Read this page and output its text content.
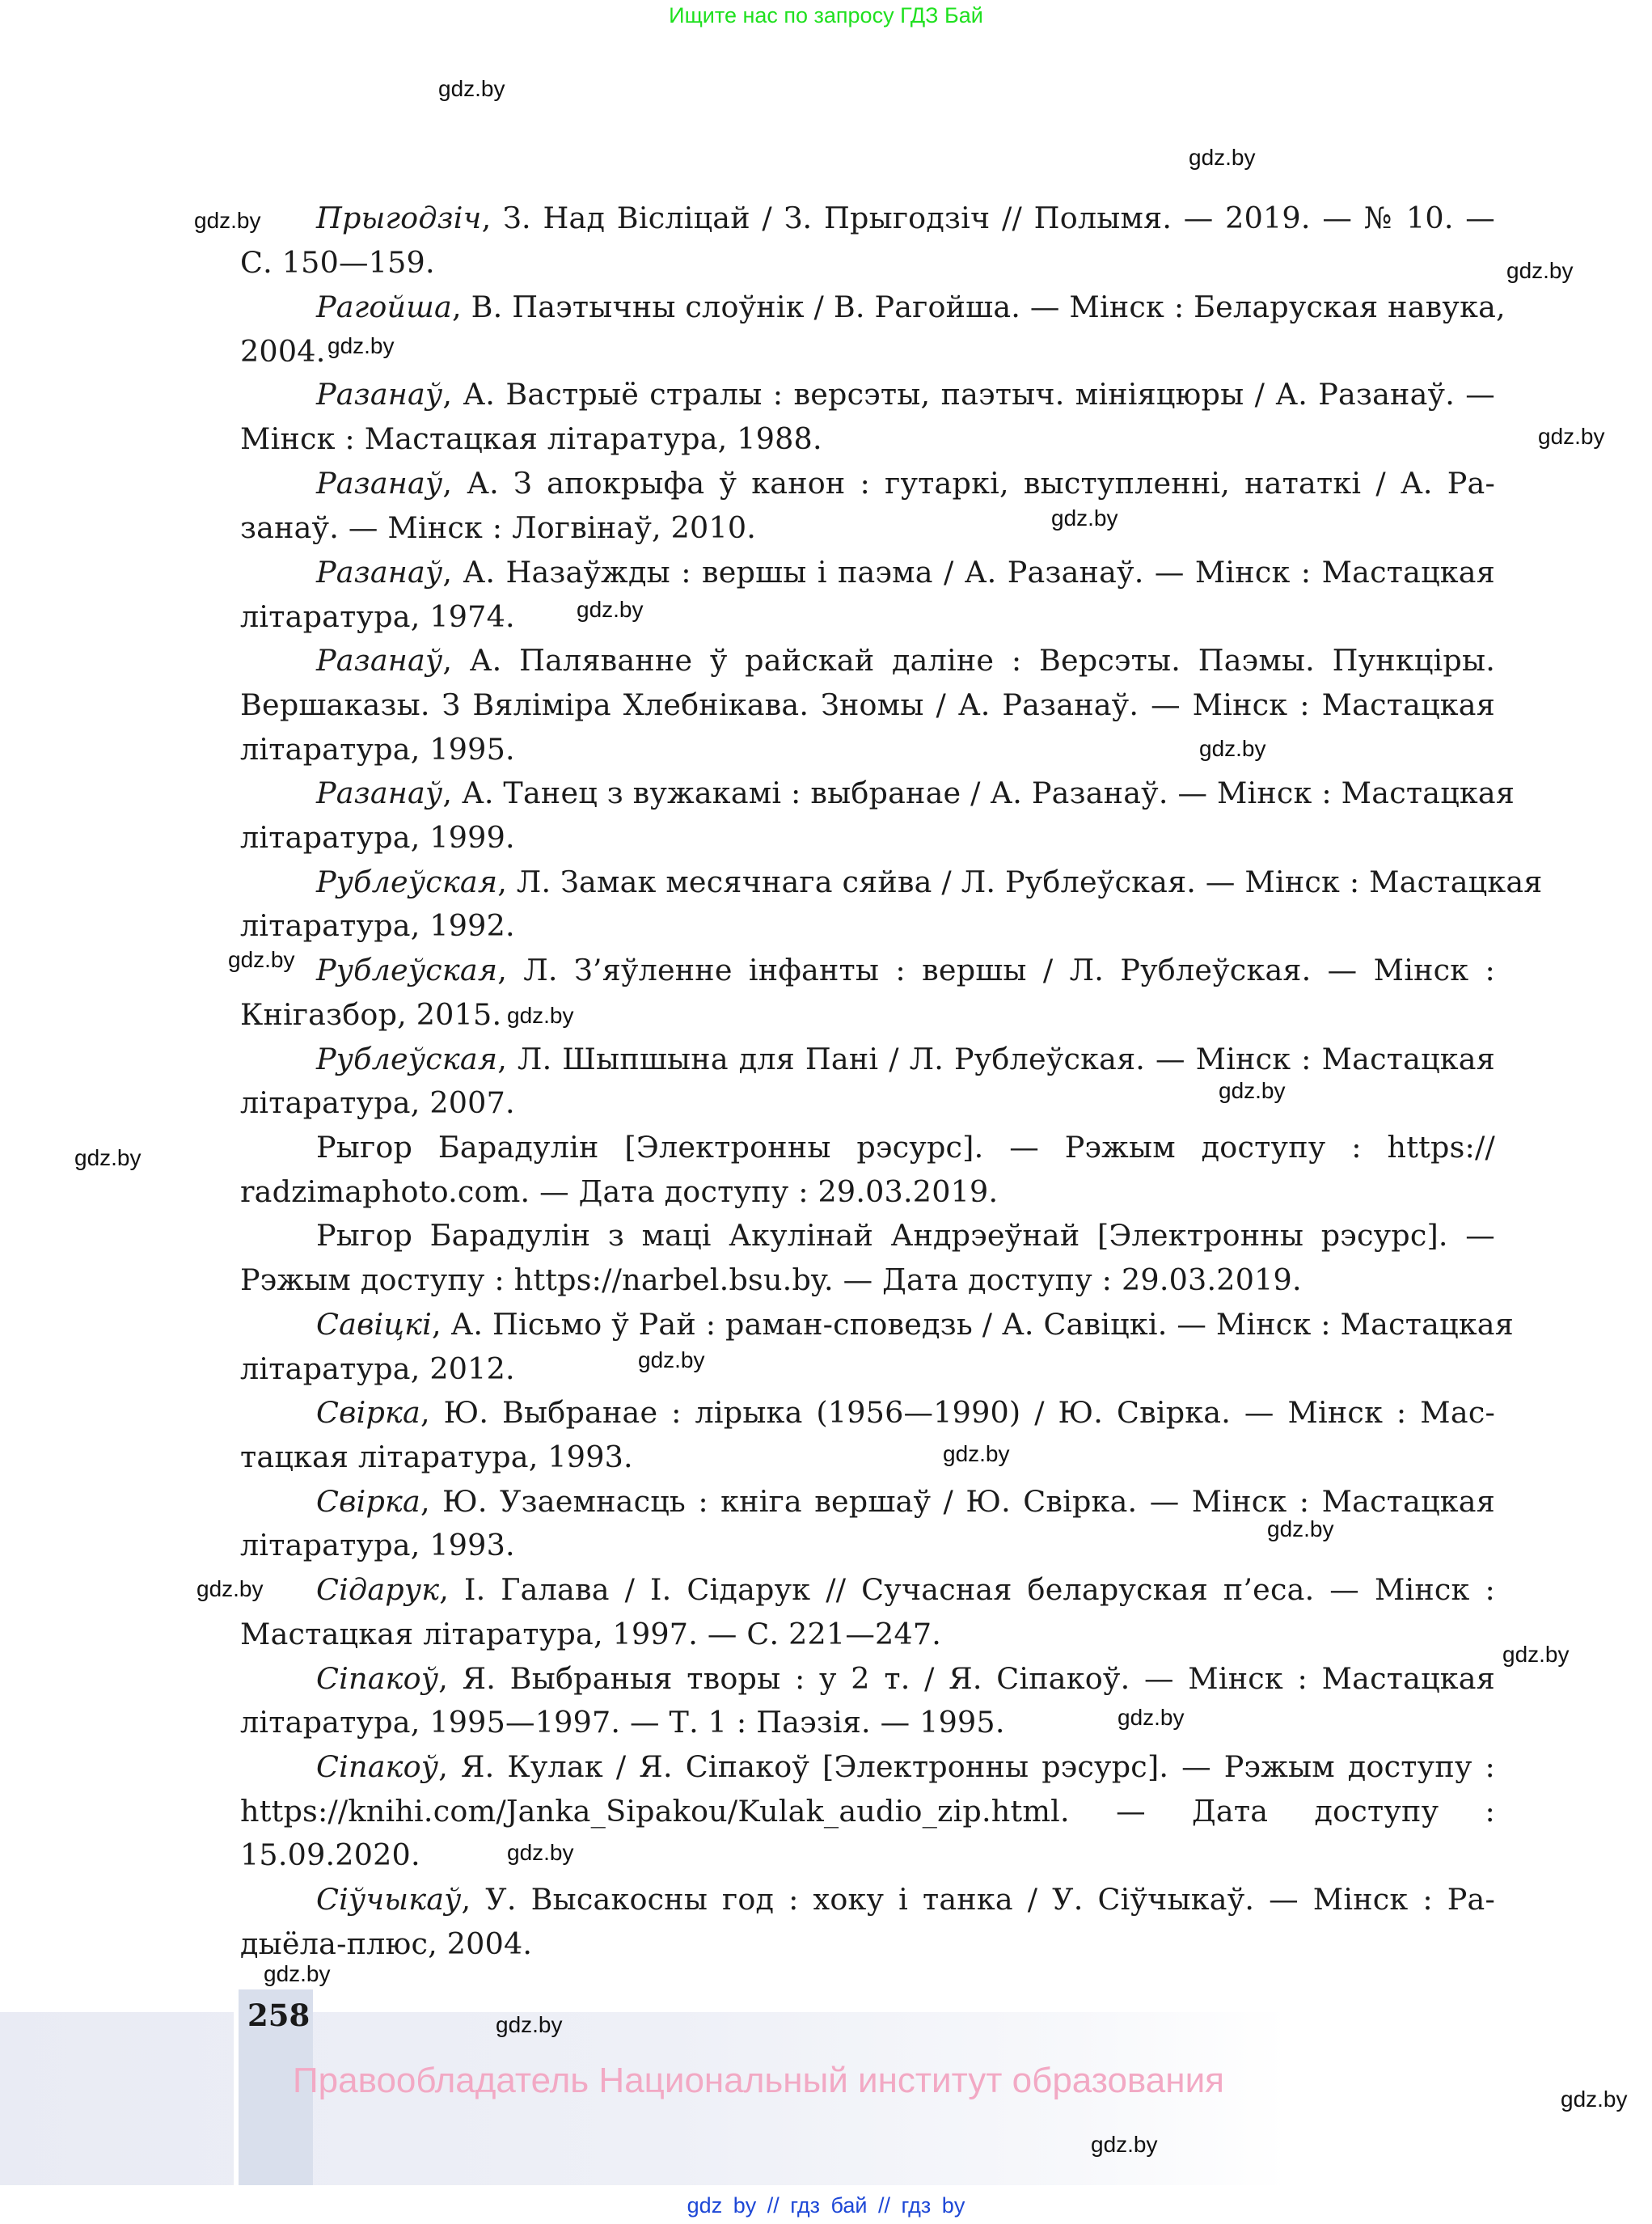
Ищите нас по запросу ГДЗ Бай
Прыгодзіч, З. Над Вісліцай / З. Прыгодзіч // Полымя. — 2019. — № 10. —
С. 150—159.
Рагойша, В. Паэтычны слоўнік / В. Рагойша. — Мінск : Беларуская навука,
2004.
Разанаў, А. Вастрыё стралы : версэты, паэтыч. мініяцюры / А. Разанаў. —
Мінск : Мастацкая літаратура, 1988.
Разанаў, А. З апокрыфа ў канон : гутаркі, выступленні, нататкі / А. Ра-
занаў. — Мінск : Логвінаў, 2010.
Разанаў, А. Назаўжды : вершы і паэма / А. Разанаў. — Мінск : Мастацкая
літаратура, 1974.
Разанаў, А. Паляванне ў райскай даліне : Версэты. Паэмы. Пункціры.
Вершаказы. З Вяліміра Хлебнікава. Зномы / А. Разанаў. — Мінск : Мастацкая
літаратура, 1995.
Разанаў, А. Танец з вужакамі : выбранае / А. Разанаў. — Мінск : Мастацкая
літаратура, 1999.
Рублеўская, Л. Замак месячнага сяйва / Л. Рублеўская. — Мінск : Мастацкая
літаратура, 1992.
Рублеўская, Л. З’яўленне інфанты : вершы / Л. Рублеўская. — Мінск :
Кнігазбор, 2015.
Рублеўская, Л. Шыпшына для Пані / Л. Рублеўская. — Мінск : Мастацкая
літаратура, 2007.
Рыгор Барадулін [Электронны рэсурс]. — Рэжым доступу : https://
radzimaphoto.com. — Дата доступу : 29.03.2019.
Рыгор Барадулін з маці Акулінай Андрэеўнай [Электронны рэсурс]. —
Рэжым доступу : https://narbel.bsu.by. — Дата доступу : 29.03.2019.
Савіцкі, А. Пісьмо ў Рай : раман-споведзь / А. Савіцкі. — Мінск : Мастацкая
літаратура, 2012.
Свірка, Ю. Выбранае : лірыка (1956—1990) / Ю. Свірка. — Мінск : Мас-
тацкая літаратура, 1993.
Свірка, Ю. Узаемнасць : кніга вершаў / Ю. Свірка. — Мінск : Мастацкая
літаратура, 1993.
Сідарук, І. Галава / І. Сідарук // Сучасная беларуская п’еса. — Мінск :
Мастацкая літаратура, 1997. — С. 221—247.
Сіпакоў, Я. Выбраныя творы : у 2 т. / Я. Сіпакоў. — Мінск : Мастацкая
літаратура, 1995—1997. — Т. 1 : Паэзія. — 1995.
Сіпакоў, Я. Кулак / Я. Сіпакоў [Электронны рэсурс]. — Рэжым доступу :
https://knihi.com/Janka_Sipakou/Kulak_audio_zip.html. — Дата доступу :
15.09.2020.
Сіўчыкаў, У. Высакосны год : хоку і танка / У. Сіўчыкаў. — Мінск : Ра-
дыёла-плюс, 2004.
258
Правообладатель Национальный институт образования
gdz by // гдз бай // гдз by
gdz.by
gdz.by
gdz.by
gdz.by
gdz.by
gdz.by
gdz.by
gdz.by
gdz.by
gdz.by
gdz.by
gdz.by
gdz.by
gdz.by
gdz.by
gdz.by
gdz.by
gdz.by
gdz.by
gdz.by
gdz.by
gdz.by
gdz.by
gdz.by
